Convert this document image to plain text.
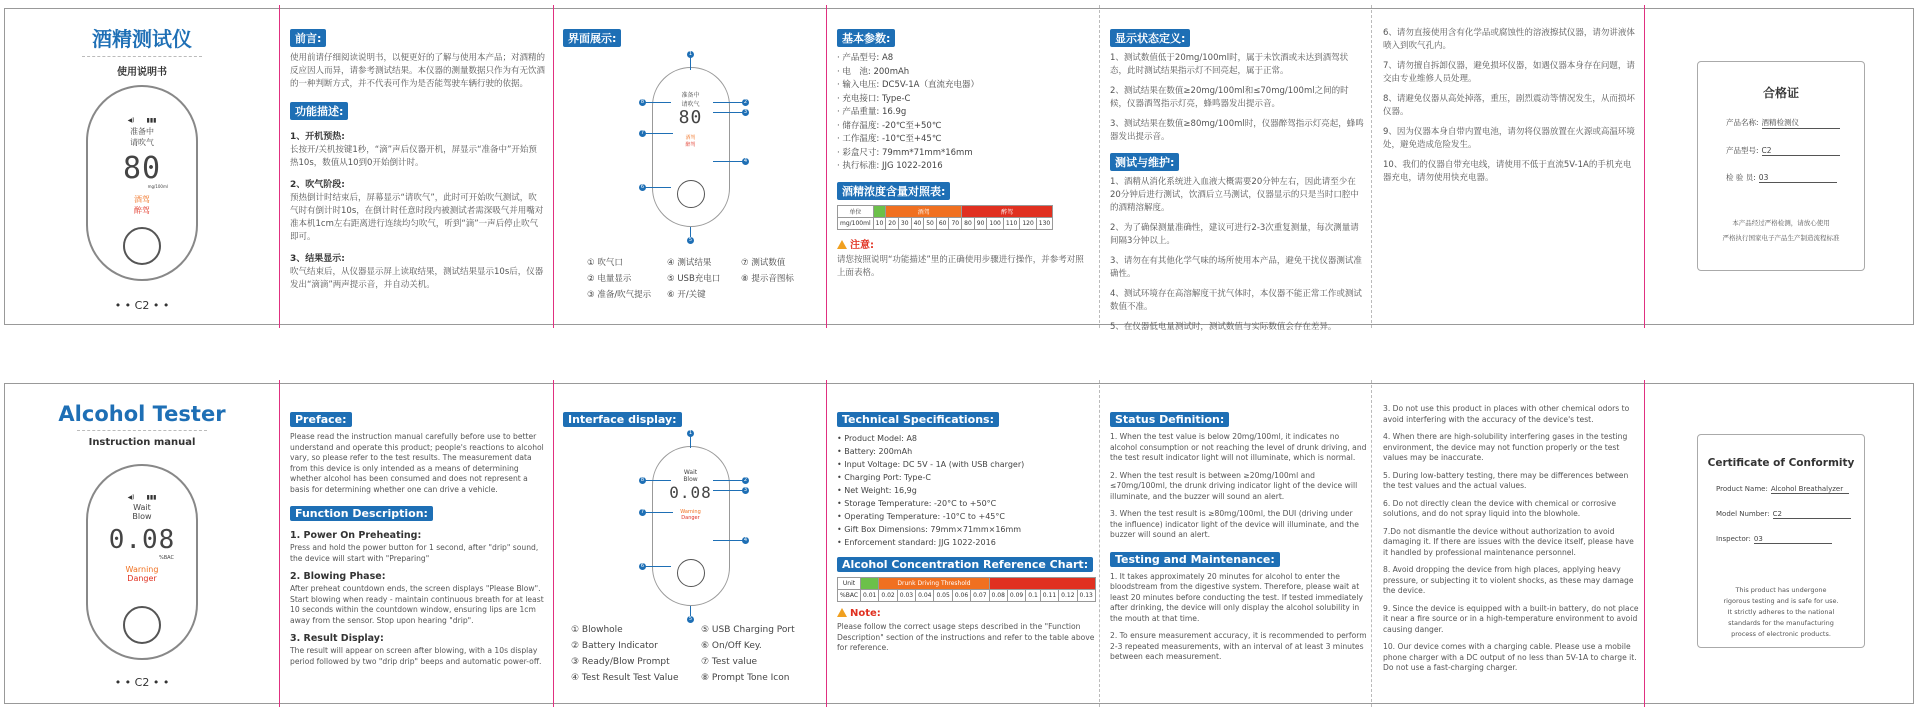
酒精测试仪
使用说明书
◀)　　▮▮▮
准备中
请吹气
80
mg/100ml
酒驾
醉驾
• • C2 • •
前言:
使用前请仔细阅读说明书，以便更好的了解与使用本产品；对酒精的反应因人而异，请参考测试结果。本仪器的测量数据只作为有无饮酒的一种判断方式，并不代表可作为是否能驾驶车辆行驶的依据。
功能描述:
1、开机预热:
长按开/关机按键1秒，“滴”声后仪器开机，屏显示“准备中”开始预热10s，数值从10到0开始倒计时。
2、吹气阶段:
预热倒计时结束后，屏幕显示“请吹气”，此时可开始吹气测试，吹气时有倒计时10s，在倒计时任意时段内被测试者需深吸气并用嘴对准本机1cm左右距离进行连续均匀吹气，听到“滴”一声后停止吹气即可。
3、结果显示:
吹气结束后，从仪器显示屏上读取结果，测试结果显示10s后，仪器发出“滴滴”两声提示音，并自动关机。
界面展示:
准备中
请吹气
80
酒驾
醉驾
1
8	2
3
7
4
6
5
① 吹气口
② 电量显示
③ 准备/吹气提示
④ 测试结果
⑤ USB充电口
⑥ 开/关键
⑦ 测试数值
⑧ 提示音图标
基本参数:
· 产品型号: A8
· 电　池: 200mAh
· 输入电压: DC5V-1A（直流充电器）
· 充电接口: Type-C
· 产品重量: 16.9g
· 储存温度: -20℃至+50℃
· 工作温度: -10℃至+45℃
· 彩盒尺寸: 79mm*71mm*16mm
· 执行标准: JJG 1022-2016
酒精浓度含量对照表:
单位		酒驾						醉驾					
mg/100ml	10	20	30	40	50	60	70	80	90	100	110	120	130
注意:
请您按照说明“功能描述”里的正确使用步骤进行操作，并参考对照上面表格。
显示状态定义:
1、测试数值低于20mg/100ml时，属于未饮酒或未达到酒驾状态，此时测试结果指示灯不回亮起，属于正常。
2、测试结果在数值≥20mg/100ml和≤70mg/100ml之间的时候，仪器酒驾指示灯亮，蜂鸣器发出提示音。
3、测试结果在数值≥80mg/100ml时，仪器醉驾指示灯亮起，蜂鸣器发出提示音。
测试与维护:
1、酒精从消化系统进入血液大概需要20分钟左右，因此请至少在20分钟后进行测试，饮酒后立马测试，仪器显示的只是当时口腔中的酒精溶解度。
2、为了确保测量准确性，建议可进行2-3次重复测量，每次测量请间隔3分钟以上。
3、请勿在有其他化学气味的场所使用本产品，避免干扰仪器测试准确性。
4、测试环境存在高溶解度干扰气体时，本仪器不能正常工作或测试数值不准。
5、在仪器低电量测试时，测试数值与实际数值会存在差异。
6、请勿直接使用含有化学品或腐蚀性的溶液擦拭仪器，请勿讲液体喷入到吹气孔内。
7、请勿擅自拆卸仪器，避免损坏仪器，如遇仪器本身存在问题，请交由专业维修人员处理。
8、请避免仪器从高处掉落，重压，剧烈震动等情况发生，从而损坏仪器。
9、因为仪器本身自带内置电池，请勿将仪器放置在火源或高温环境处，避免造成危险发生。
10、我们的仪器自带充电线，请使用不低于直流5V-1A的手机充电器充电，请勿使用快充电器。
合格证
产品名称: 酒精检测仪
产品型号: C2
检 验 员: 03
本产品经过严格检测，请放心使用
严格执行国家电子产品生产制造流程标准
Alcohol Tester
Instruction manual
◀)　　▮▮▮
Wait
Blow
0.08
%BAC
Warning
Danger
• • C2 • •
Preface:
Please read the instruction manual carefully before use to better understand and operate this product; people's reactions to alcohol vary, so please refer to the test results. The measurement data from this device is only intended as a means of determining whether alcohol has been consumed and does not represent a basis for determining whether one can drive a vehicle.
Function Description:
1. Power On Preheating:
Press and hold the power button for 1 second, after "drip" sound, the device will start with "Preparing"
2. Blowing Phase:
After preheat countdown ends, the screen displays "Please Blow". Start blowing when ready - maintain continuous breath for at least 10 seconds within the countdown window, ensuring lips are 1cm away from the sensor. Stop upon hearing "drip".
3. Result Display:
The result will appear on screen after blowing, with a 10s display period followed by two "drip drip" beeps and automatic power-off.
Interface display:
Wait
Blow
0.08
Warning
Danger
1
8	2
3
7
4
6
5
① Blowhole
② Battery Indicator
③ Ready/Blow Prompt
④ Test Result Test Value
⑤ USB Charging Port
⑥ On/Off Key.
⑦ Test value
⑧ Prompt Tone Icon
Technical Specifications:
• Product Model: A8
• Battery: 200mAh
• Input Voltage: DC 5V - 1A (with USB charger)
• Charging Port: Type-C
• Net Weight: 16,9g
• Storage Temperature: -20°C to +50°C
• Operating Temperature: -10°C to +45°C
• Gift Box Dimensions: 79mm×71mm×16mm
• Enforcement standard: JJG 1022-2016
Alcohol Concentration Reference Chart:
Unit		Drunk Driving Threshold											
%BAC	0.01	0.02	0.03	0.04	0.05	0.06	0.07	0.08	0.09	0.1	0.11	0.12	0.13
Note:
Please follow the correct usage steps described in the "Function Description" section of the instructions and refer to the table above for reference.
Status Definition:
1. When the test value is below 20mg/100ml, it indicates no alcohol consumption or not reaching the level of drunk driving, and the test result indicator light will not illuminate, which is normal.
2. When the test result is between ≥20mg/100ml and ≤70mg/100ml, the drunk driving indicator light of the device will illuminate, and the buzzer will sound an alert.
3. When the test result is ≥80mg/100ml, the DUI (driving under the influence) indicator light of the device will illuminate, and the buzzer will sound an alert.
Testing and Maintenance:
1. It takes approximately 20 minutes for alcohol to enter the bloodstream from the digestive system. Therefore, please wait at least 20 minutes before conducting the test. If tested immediately after drinking, the device will only display the alcohol solubility in the mouth at that time.
2. To ensure measurement accuracy, it is recommended to perform 2-3 repeated measurements, with an interval of at least 3 minutes between each measurement.
3. Do not use this product in places with other chemical odors to avoid interfering with the accuracy of the device's test.
4. When there are high-solubility interfering gases in the testing environment, the device may not function properly or the test values may be inaccurate.
5. During low-battery testing, there may be differences between the test values and the actual values.
6. Do not directly clean the device with chemical or corrosive solutions, and do not spray liquid into the blowhole.
7.Do not dismantle the device without authorization to avoid damaging it. If there are issues with the device itself, please have it handled by professional maintenance personnel.
8. Avoid dropping the device from high places, applying heavy pressure, or subjecting it to violent shocks, as these may damage the device.
9. Since the device is equipped with a built-in battery, do not place it near a fire source or in a high-temperature environment to avoid causing danger.
10. Our device comes with a charging cable. Please use a mobile phone charger with a DC output of no less than 5V-1A to charge it. Do not use a fast-charging charger.
Certificate of Conformity
Product Name: Alcohol Breathalyzer
Model Number: C2
Inspector: 03
This product has undergone rigorous testing and is safe for use. It strictly adheres to the national standards for the manufacturing process of electronic products.
